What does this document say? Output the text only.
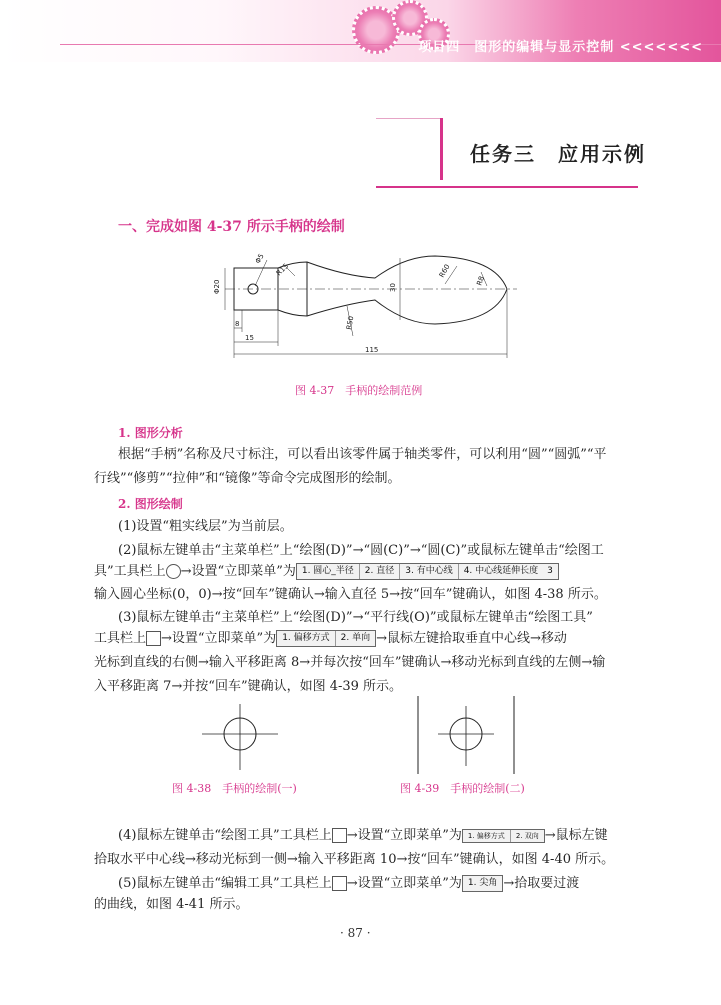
项目四　图形的编辑与显示控制 <<<<<<<
任务三　应用示例
一、完成如图 4-37 所示手柄的绘制
Φ20
Φ5
R15
30
R60
R8
R50
8
15
115
图 4-37　手柄的绘制范例
1. 图形分析
根据“手柄”名称及尺寸标注，可以看出该零件属于轴类零件，可以利用“圆”“圆弧”“平
行线”“修剪”“拉伸”和“镜像”等命令完成图形的绘制。
2. 图形绘制
(1)设置“粗实线层”为当前层。
(2)鼠标左键单击“主菜单栏”上“绘图(D)”→“圆(C)”→“圆(C)”或鼠标左键单击“绘图工
具”工具栏上 →设置“立即菜单”为 1. 圆心_半径 2. 直径 3. 有中心线 4. 中心线延伸长度　3
输入圆心坐标(0，0)→按“回车”键确认→输入直径 5→按“回车”键确认，如图 4-38 所示。
(3)鼠标左键单击“主菜单栏”上“绘图(D)”→“平行线(O)”或鼠标左键单击“绘图工具”
工具栏上 →设置“立即菜单”为 1. 偏移方式 2. 单向 →鼠标左键拾取垂直中心线→移动
光标到直线的右侧→输入平移距离 8→并每次按“回车”键确认→移动光标到直线的左侧→输
入平移距离 7→并按“回车”键确认，如图 4-39 所示。
图 4-38　手柄的绘制(一)	图 4-39　手柄的绘制(二)
(4)鼠标左键单击“绘图工具”工具栏上 →设置“立即菜单”为 1. 偏移方式 2. 双向 →鼠标左键
拾取水平中心线→移动光标到一侧→输入平移距离 10→按“回车”键确认，如图 4-40 所示。
(5)鼠标左键单击“编辑工具”工具栏上 →设置“立即菜单”为 1. 尖角 →拾取要过渡
的曲线，如图 4-41 所示。
· 87 ·
